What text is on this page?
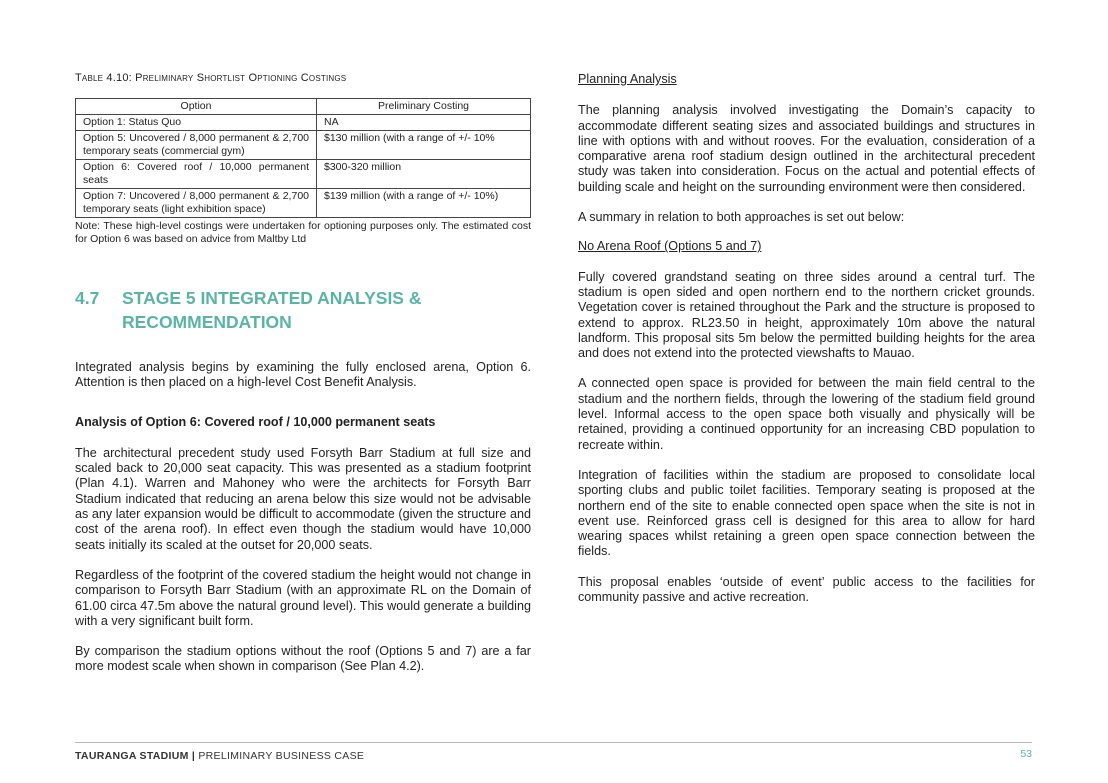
Table 4.10: Preliminary Shortlist Optioning Costings
Option	Preliminary Costing
Option 1: Status Quo	NA
Option 5: Uncovered / 8,000 permanent & 2,700 temporary seats (commercial gym)	$130 million (with a range of +/- 10%
Option 6: Covered roof / 10,000 permanent seats	$300-320 million
Option 7: Uncovered / 8,000 permanent & 2,700 temporary seats (light exhibition space)	$139 million (with a range of +/- 10%)
Note: These high-level costings were undertaken for optioning purposes only. The estimated cost for Option 6 was based on advice from Maltby Ltd
4.7	STAGE 5 INTEGRATED ANALYSIS & RECOMMENDATION

Integrated analysis begins by examining the fully enclosed arena, Option 6. Attention is then placed on a high-level Cost Benefit Analysis.

Analysis of Option 6: Covered roof / 10,000 permanent seats

The architectural precedent study used Forsyth Barr Stadium at full size and scaled back to 20,000 seat capacity. This was presented as a stadium footprint (Plan 4.1). Warren and Mahoney who were the architects for Forsyth Barr Stadium indicated that reducing an arena below this size would not be advisable as any later expansion would be difficult to accommodate (given the structure and cost of the arena roof). In effect even though the stadium would have 10,000 seats initially its scaled at the outset for 20,000 seats.

Regardless of the footprint of the covered stadium the height would not change in comparison to Forsyth Barr Stadium (with an approximate RL on the Domain of 61.00 circa 47.5m above the natural ground level). This would generate a building with a very significant built form.

By comparison the stadium options without the roof (Options 5 and 7) are a far more modest scale when shown in comparison (See Plan 4.2).

Planning Analysis

The planning analysis involved investigating the Domain’s capacity to accommodate different seating sizes and associated buildings and structures in line with options with and without rooves. For the evaluation, consideration of a comparative arena roof stadium design outlined in the architectural precedent study was taken into consideration. Focus on the actual and potential effects of building scale and height on the surrounding environment were then considered.

A summary in relation to both approaches is set out below:

No Arena Roof (Options 5 and 7)

Fully covered grandstand seating on three sides around a central turf. The stadium is open sided and open northern end to the northern cricket grounds. Vegetation cover is retained throughout the Park and the structure is proposed to extend to approx. RL23.50 in height, approximately 10m above the natural landform. This proposal sits 5m below the permitted building heights for the area and does not extend into the protected viewshafts to Mauao.

A connected open space is provided for between the main field central to the stadium and the northern fields, through the lowering of the stadium field ground level. Informal access to the open space both visually and physically will be retained, providing a continued opportunity for an increasing CBD population to recreate within.

Integration of facilities within the stadium are proposed to consolidate local sporting clubs and public toilet facilities. Temporary seating is proposed at the northern end of the site to enable connected open space when the site is not in event use. Reinforced grass cell is designed for this area to allow for hard wearing spaces whilst retaining a green open space connection between the fields.

This proposal enables ‘outside of event’ public access to the facilities for community passive and active recreation.

TAURANGA STADIUM | PRELIMINARY BUSINESS CASE	53
